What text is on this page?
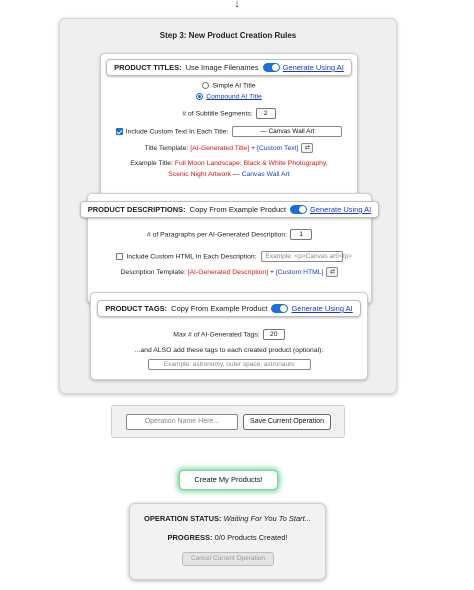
↓
Step 3: New Product Creation Rules
PRODUCT TITLES: Use Image Filenames	Generate Using AI
Simple AI Title
Compound AI Title
# of Subtitle Segments: 2
Include Custom Text In Each Title:	— Canvas Wall Art
Title Template: [AI-Generated Title] + [Custom Text] ⇄
Example Title: Full Moon Landscape: Black & White Photography,
Scenic Night Artwork — Canvas Wall Art
PRODUCT DESCRIPTIONS: Copy From Example Product	Generate Using AI
# of Paragraphs per AI-Generated Description: 1
Include Custom HTML In Each Description: Example: <p>Canvas art!</p>
Description Template: [AI-Generated Description] + [Custom HTML] ⇄
PRODUCT TAGS: Copy From Example Product	Generate Using AI
Max # of AI-Generated Tags: 20
...and ALSO add these tags to each created product (optional):
Example: astronomy, outer space, astronauts
Operation Name Here...	Save Current Operation
Create My Products!
OPERATION STATUS: Waiting For You To Start...
PROGRESS: 0/0 Products Created!
Cancel Current Operation
